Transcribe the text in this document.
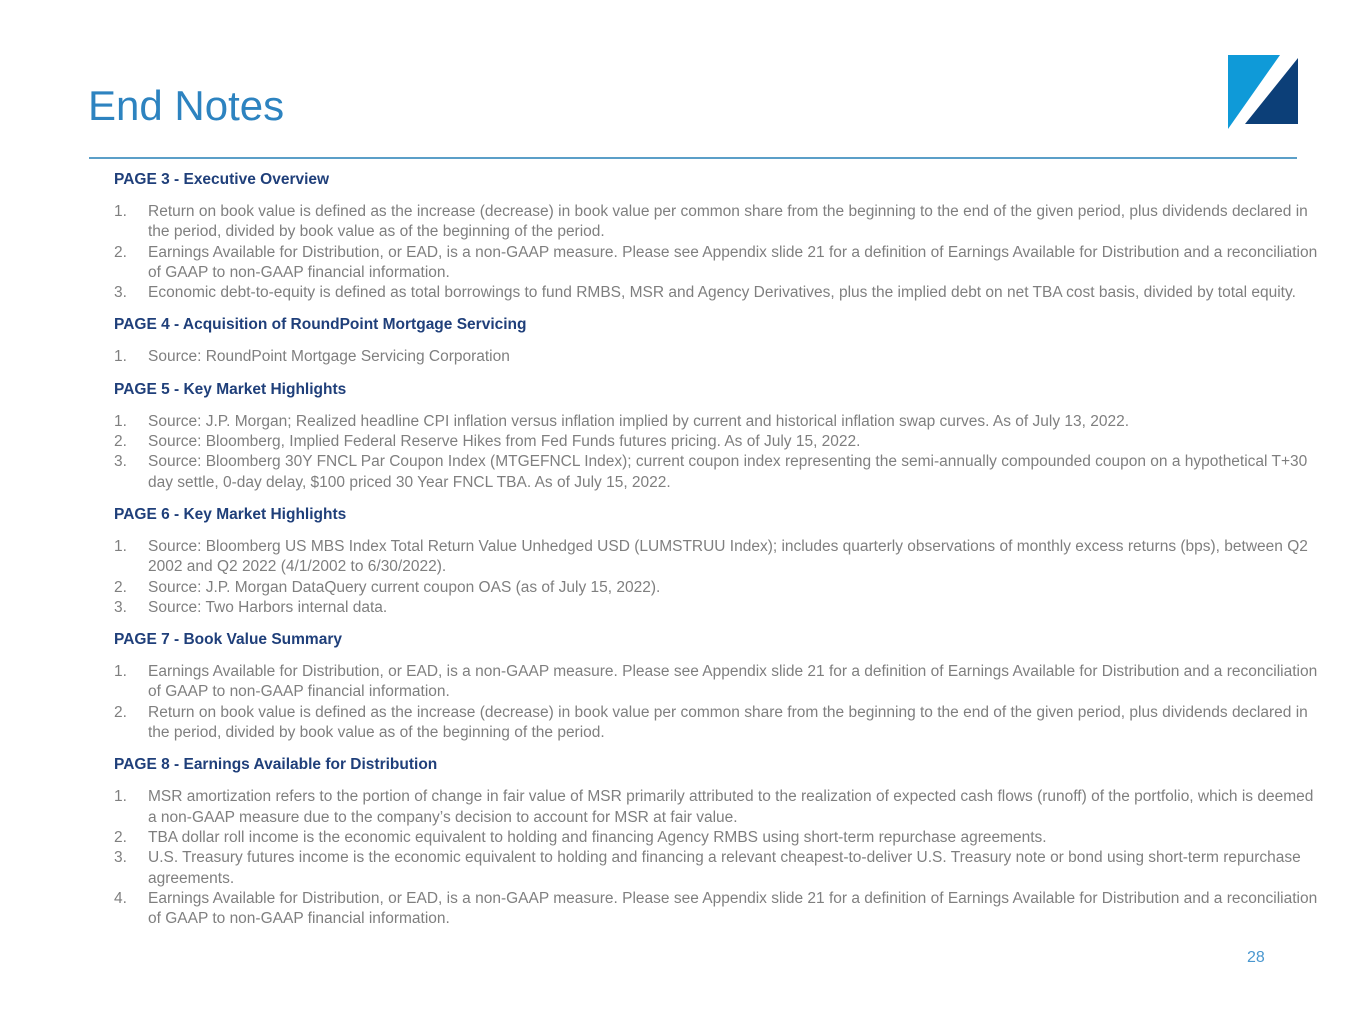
End Notes
PAGE 3 - Executive Overview
1. Return on book value is defined as the increase (decrease) in book value per common share from the beginning to the end of the given period, plus dividends declared in the period, divided by book value as of the beginning of the period.
2. Earnings Available for Distribution, or EAD, is a non-GAAP measure. Please see Appendix slide 21 for a definition of Earnings Available for Distribution and a reconciliation of GAAP to non-GAAP financial information.
3. Economic debt-to-equity is defined as total borrowings to fund RMBS, MSR and Agency Derivatives, plus the implied debt on net TBA cost basis, divided by total equity.
PAGE 4 - Acquisition of RoundPoint Mortgage Servicing
1. Source: RoundPoint Mortgage Servicing Corporation
PAGE 5 - Key Market Highlights
1. Source: J.P. Morgan; Realized headline CPI inflation versus inflation implied by current and historical inflation swap curves. As of July 13, 2022.
2. Source: Bloomberg, Implied Federal Reserve Hikes from Fed Funds futures pricing. As of July 15, 2022.
3. Source: Bloomberg 30Y FNCL Par Coupon Index (MTGEFNCL Index); current coupon index representing the semi-annually compounded coupon on a hypothetical T+30 day settle, 0-day delay, $100 priced 30 Year FNCL TBA. As of July 15, 2022.
PAGE 6 - Key Market Highlights
1. Source: Bloomberg US MBS Index Total Return Value Unhedged USD (LUMSTRUU Index); includes quarterly observations of monthly excess returns (bps), between Q2 2002 and Q2 2022 (4/1/2002 to 6/30/2022).
2. Source: J.P. Morgan DataQuery current coupon OAS (as of July 15, 2022).
3. Source: Two Harbors internal data.
PAGE 7 - Book Value Summary
1. Earnings Available for Distribution, or EAD, is a non-GAAP measure. Please see Appendix slide 21 for a definition of Earnings Available for Distribution and a reconciliation of GAAP to non-GAAP financial information.
2. Return on book value is defined as the increase (decrease) in book value per common share from the beginning to the end of the given period, plus dividends declared in the period, divided by book value as of the beginning of the period.
PAGE 8 - Earnings Available for Distribution
1. MSR amortization refers to the portion of change in fair value of MSR primarily attributed to the realization of expected cash flows (runoff) of the portfolio, which is deemed a non-GAAP measure due to the company’s decision to account for MSR at fair value.
2. TBA dollar roll income is the economic equivalent to holding and financing Agency RMBS using short-term repurchase agreements.
3. U.S. Treasury futures income is the economic equivalent to holding and financing a relevant cheapest-to-deliver U.S. Treasury note or bond using short-term repurchase agreements.
4. Earnings Available for Distribution, or EAD, is a non-GAAP measure. Please see Appendix slide 21 for a definition of Earnings Available for Distribution and a reconciliation of GAAP to non-GAAP financial information.
28
